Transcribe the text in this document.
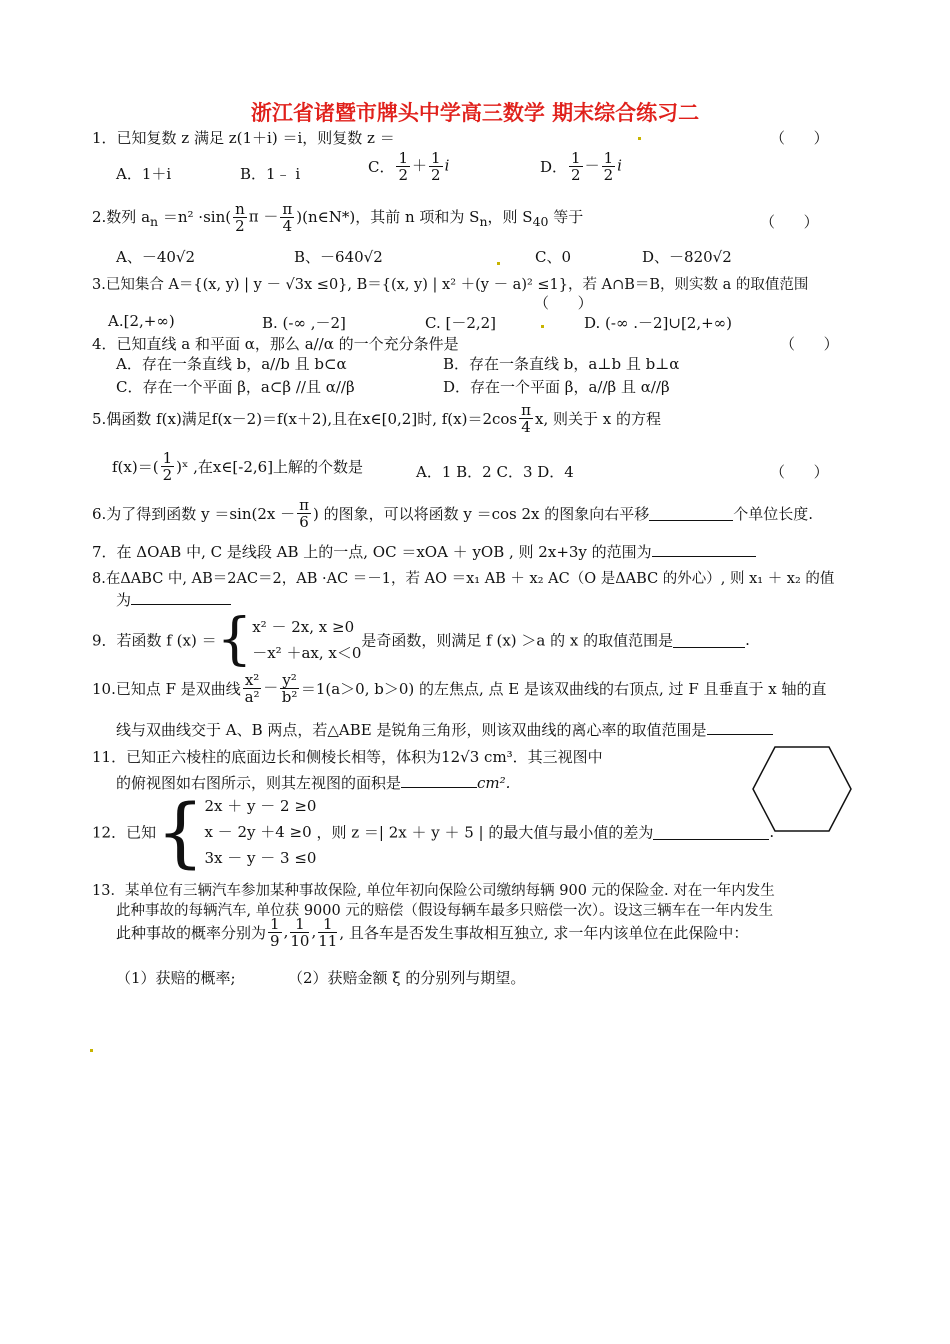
浙江省诸暨市牌头中学高三数学 期末综合练习二
1．已知复数 z 满足 z(1＋i) ＝i，则复数 z ＝	（      ）
A．1＋i	B．1﹣ i	C． $\frac{1}{2} + \frac{1}{2}$ i	D． $\frac{1}{2} - \frac{1}{2}$ i
2.数列 $a_n =n^2 \cdot\sin( \frac{n}{2}$ $\pi - \frac{\pi}{4}$ )(n∈N*)，其前 n 项和为 $S_n$，则 $S_{40}$ 等于	（      ）
A、－40√2	B、－640√2	C、0	D、－820√2
3.已知集合 A＝{(x, y) | y － √3x ≤0}, B＝{(x, y) | x² ＋(y － a)² ≤1}，若 A∩B＝B，则实数 a 的取值范围
（      ）
A.[2,+∞)	B. (-∞ ,－2]	C. [－2,2]	D. (-∞ .－2]∪[2,+∞)
4．已知直线 a 和平面 α，那么 a//α 的一个充分条件是	（      ）
A．存在一条直线 b，a//b 且 b⊂α	B．存在一条直线 b，a⊥b 且 b⊥α
C．存在一个平面 β，a⊂β //且 α//β	D．存在一个平面 β，a//β 且 α//β
5.偶函数 f(x)满足f(x－2)＝f(x＋2),且在x∈[0,2]时, $f(x)=2\cos \frac{\pi}{4} x$, 则关于 x 的方程
$f(x)=( \frac{1}{2}$ )ˣ ,在x∈[-2,6]上解的个数是	A．1 B．2 C．3 D．4	（      ）
6.为了得到函数 $y =\sin(2x - \frac{\pi}{6}$ ) 的图象，可以将函数 y ＝cos 2x 的图象向右平移	个单位长度.
7．在 ΔOAB 中, C 是线段 AB 上的一点, OC ＝xOA ＋ yOB , 则 2x+3y 的范围为
8.在ΔABC 中, AB＝2AC＝2，AB ·AC ＝－1，若 AO ＝x₁ AB ＋ x₂ AC（O 是ΔABC 的外心）, 则 x₁ ＋ x₂ 的值
为
9．若函数 f (x) ＝{ x² － 2x, x ≥0
－x² ＋ax, x＜0
是奇函数，则满足 f (x) ＞a 的 x 的取值范围是	.
10.已知点 F 是双曲线 $\frac{\text{x²}}{\text{a²}} - \frac{\text{y²}}{\text{b²}} =1(a>0$, b＞0) 的左焦点, 点 E 是该双曲线的右顶点, 过 F 且垂直于 x 轴的直
线与双曲线交于 A、B 两点，若△ABE 是锐角三角形，则该双曲线的离心率的取值范围是
11．已知正六棱柱的底面边长和侧棱长相等，体积为12√3 cm³．其三视图中
的俯视图如右图所示，则其左视图的面积是	cm².
12．已知{ 2x ＋ y － 2 ≥0
x － 2y ＋4 ≥0
3x － y － 3 ≤0
，则 z ＝| 2x ＋ y ＋ 5 | 的最大值与最小值的差为	.
13．某单位有三辆汽车参加某种事故保险, 单位年初向保险公司缴纳每辆 900 元的保险金. 对在一年内发生
此种事故的每辆汽车, 单位获 9000 元的赔偿（假设每辆车最多只赔偿一次）。设这三辆车在一年内发生
此种事故的概率分别为 $\frac{1}{9}$ , $\frac{1}{10}$ , $\frac{1}{11}$ , 且各车是否发生事故相互独立, 求一年内该单位在此保险中：
（1）获赔的概率;	（2）获赔金额 ξ 的分别列与期望。
